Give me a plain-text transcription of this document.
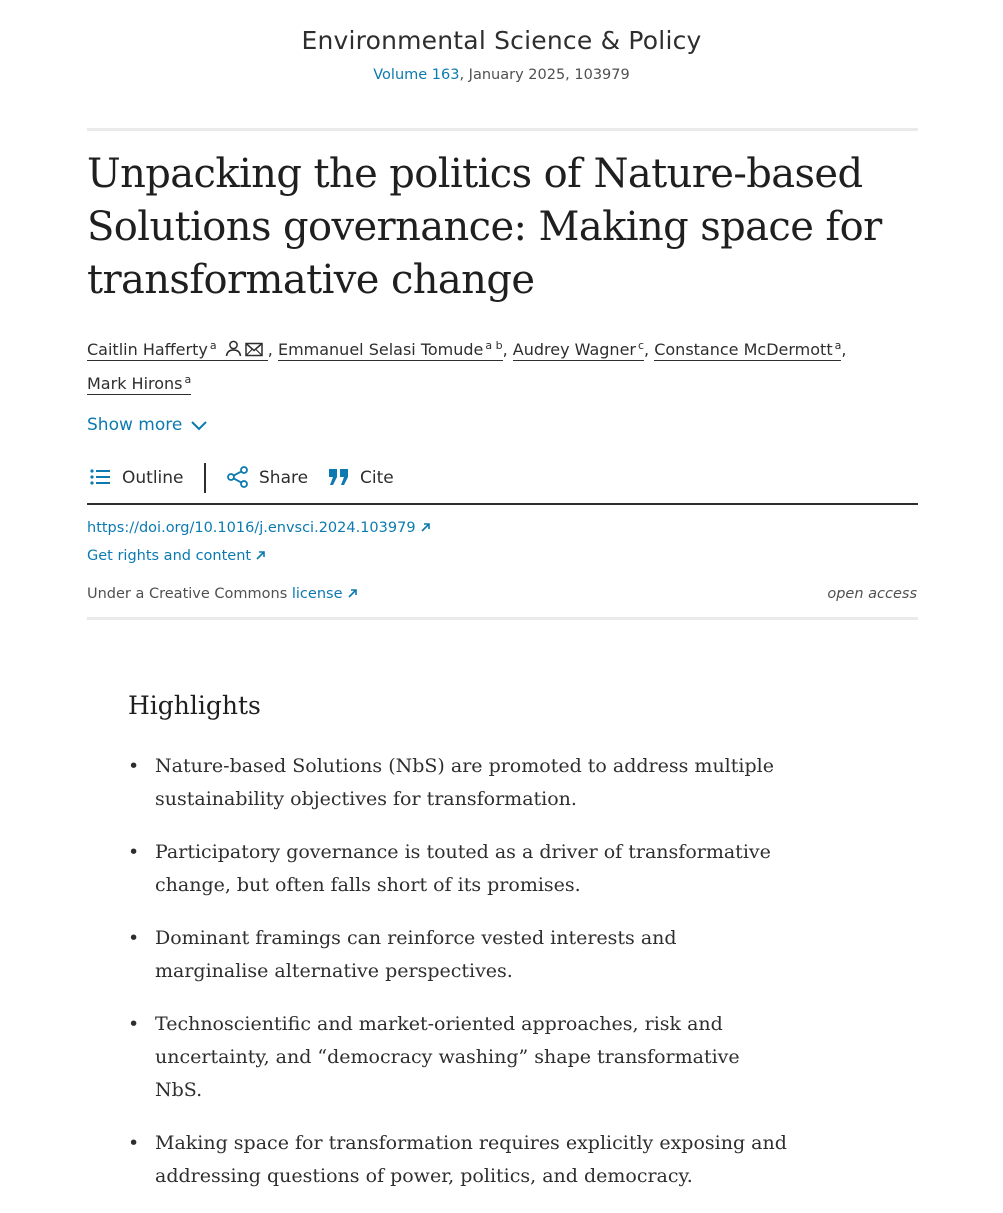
Environmental Science & Policy
Volume 163, January 2025, 103979
Unpacking the politics of Nature-based Solutions governance: Making space for transformative change
Caitlin Hafferty $^a$	, Emmanuel Selasi Tomude $^{a b}$, Audrey Wagner $^c$, Constance McDermott $^a$,
Mark Hirons $^a$
Show more
Outline	Share	Cite
https://doi.org/10.1016/j.envsci.2024.103979
Get rights and content
Under a Creative Commons license	open access
Highlights
• Nature-based Solutions (NbS) are promoted to address multiple sustainability objectives for transformation.
• Participatory governance is touted as a driver of transformative change, but often falls short of its promises.
• Dominant framings can reinforce vested interests and marginalise alternative perspectives.
• Technoscientific and market-oriented approaches, risk and uncertainty, and “democracy washing” shape transformative NbS.
• Making space for transformation requires explicitly exposing and addressing questions of power, politics, and democracy.
